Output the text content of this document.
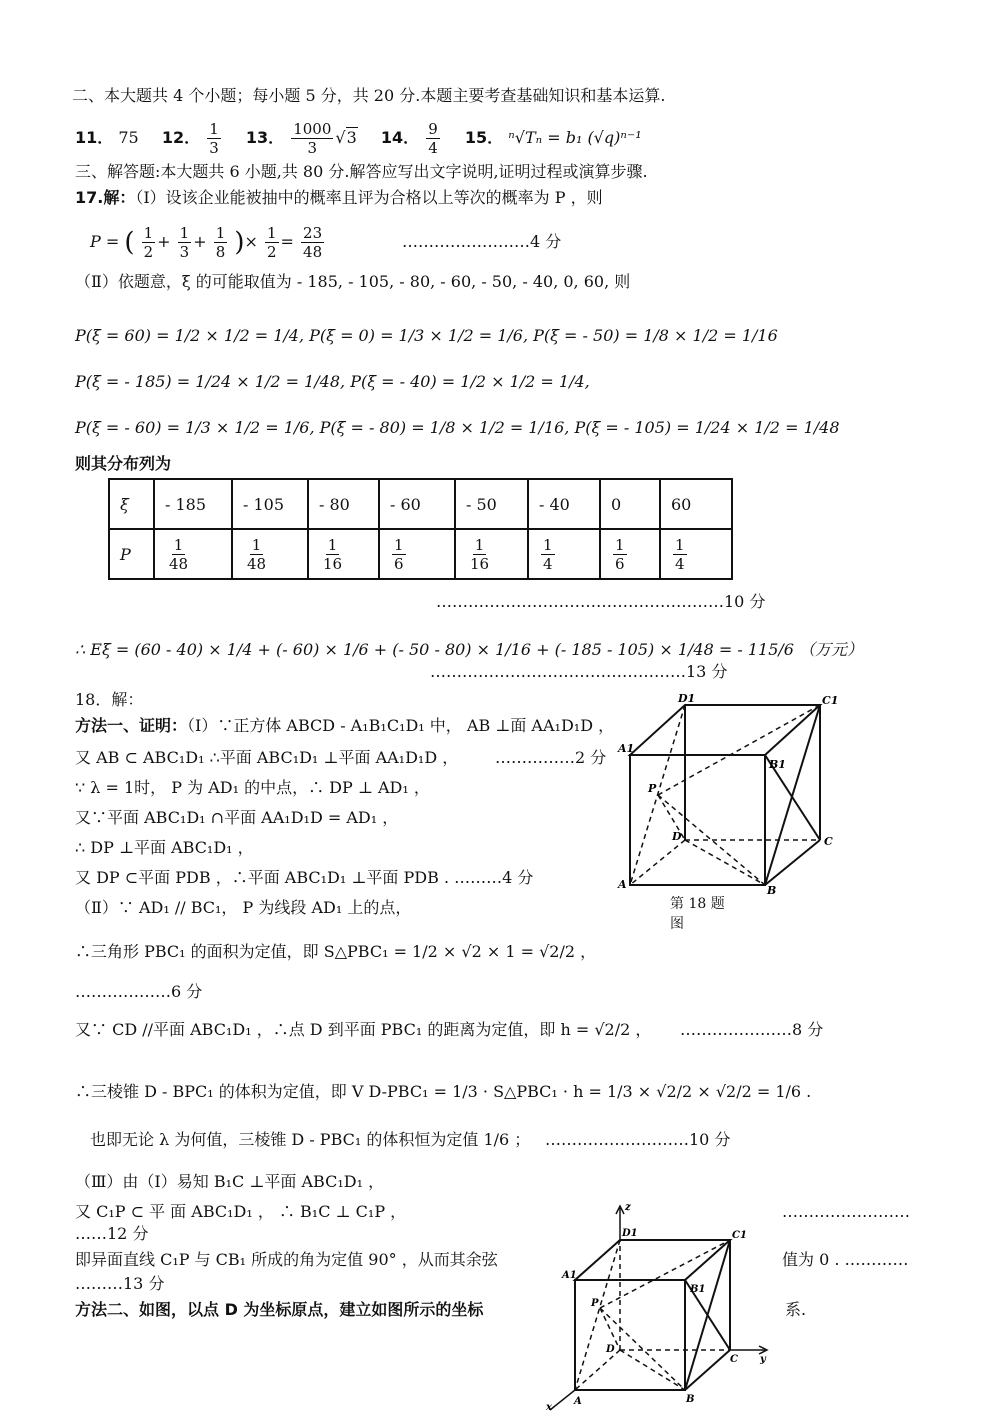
二、本大题共 4 个小题；每小题 5 分，共 20 分.本题主要考查基础知识和基本运算.
11． 75 12． $\frac{1}{3} 13$． $\frac{1000}{3} √3$ 14． $\frac{9}{4} 15$． ⁿ√Tₙ = b₁ (√q)ⁿ⁻¹
三、解答题:本大题共 6 小题,共 80 分.解答应写出文字说明,证明过程或演算步骤.
17.解：（Ⅰ）设该企业能被抽中的概率且评为合格以上等次的概率为 P ，则
P = ( $\frac{1}{2} + \frac{1}{3} + \frac{1}{8}$ )× $\frac{1}{2} = \frac{23}{48}$	……………………4 分
（Ⅱ）依题意，ξ 的可能取值为 - 185, - 105, - 80, - 60, - 50, - 40, 0, 60, 则
P(ξ = 60) = 1/2 × 1/2 = 1/4, P(ξ = 0) = 1/3 × 1/2 = 1/6, P(ξ = - 50) = 1/8 × 1/2 = 1/16
P(ξ = - 185) = 1/24 × 1/2 = 1/48, P(ξ = - 40) = 1/2 × 1/2 = 1/4,
P(ξ = - 60) = 1/3 × 1/2 = 1/6, P(ξ = - 80) = 1/8 × 1/2 = 1/16, P(ξ = - 105) = 1/24 × 1/2 = 1/48
则其分布列为
ξ	- 185	- 105	- 80	- 60	- 50	- 40	0	60
P	$\frac{1}{48}$	$\frac{1}{48}$	$\frac{1}{16}$	$\frac{1}{6}$	$\frac{1}{16}$	$\frac{1}{4}$	$\frac{1}{6}$	$\frac{1}{4}$
………………………………………………10 分
∴ Eξ = (60 - 40) × 1/4 + (- 60) × 1/6 + (- 50 - 80) × 1/16 + (- 185 - 105) × 1/48 = - 115/6 （万元）
…………………………………………13 分
18．解：
方法一、证明：（Ⅰ）∵正方体 ABCD - A₁B₁C₁D₁ 中， AB ⊥面 AA₁D₁D ，
又 AB ⊂ ABC₁D₁ ∴平面 ABC₁D₁ ⊥平面 AA₁D₁D ， ……………2 分
∵ λ = 1时， P 为 AD₁ 的中点，∴ DP ⊥ AD₁ ，
又∵平面 ABC₁D₁ ∩平面 AA₁D₁D = AD₁ ，
∴ DP ⊥平面 ABC₁D₁ ，
又 DP ⊂平面 PDB ，∴平面 ABC₁D₁ ⊥平面 PDB . ………4 分
（Ⅱ）∵ AD₁ // BC₁， P 为线段 AD₁ 上的点，
∴三角形 PBC₁ 的面积为定值，即 S△PBC₁ = 1/2 × √2 × 1 = √2/2 ，
………………6 分
又∵ CD //平面 ABC₁D₁ ，∴点 D 到平面 PBC₁ 的距离为定值，即 h = √2/2 ， …………………8 分
∴三棱锥 D - BPC₁ 的体积为定值，即 V D-PBC₁ = 1/3 · S△PBC₁ · h = 1/3 × √2/2 × √2/2 = 1/6 .
也即无论 λ 为何值，三棱锥 D - PBC₁ 的体积恒为定值 1/6 ； ………………………10 分
（Ⅲ）由（Ⅰ）易知 B₁C ⊥平面 ABC₁D₁ ，
又 C₁P ⊂ 平 面 ABC₁D₁ ， ∴ B₁C ⊥ C₁P ，	……………………
……12 分
即异面直线 C₁P 与 CB₁ 所成的角为定值 90° ，从而其余弦	值为 0 . …………
………13 分
方法二、如图，以点 D 为坐标原点，建立如图所示的坐标	系.
D1	C1
A1
B1
P
D	C
A	B
第 18 题
图
z
D1	C1
A1
B1
P
D
C y
A	B
x
